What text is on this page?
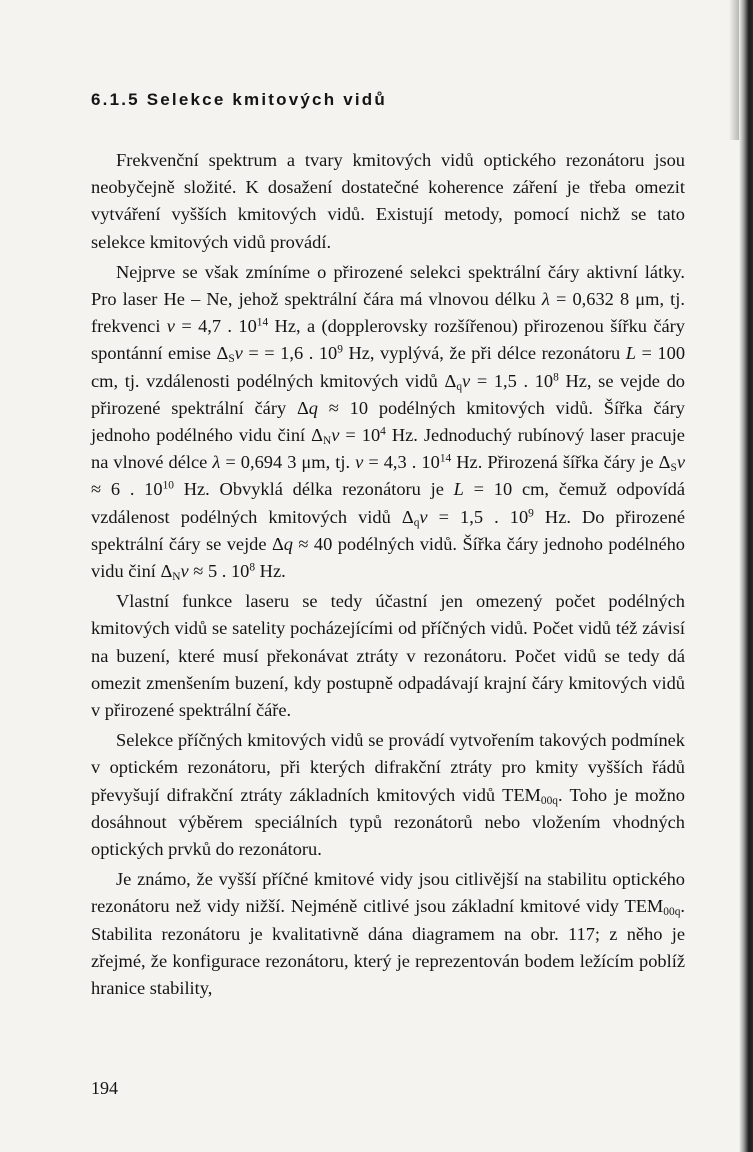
6.1.5 Selekce kmitových vidů

Frekvenční spektrum a tvary kmitových vidů optického rezonátoru jsou neobyčejně složité. K dosažení dostatečné koherence záření je třeba omezit vytváření vyšších kmitových vidů. Existují metody, pomocí nichž se tato selekce kmitových vidů provádí.

Nejprve se však zmíníme o přirozené selekci spektrální čáry aktivní látky. Pro laser He – Ne, jehož spektrální čára má vlnovou délku λ = 0,632 8 μm, tj. frekvenci ν = 4,7 . $10^{14}$ Hz, a (dopplerovsky rozšířenou) přirozenou šířku čáry spontánní emise $\Delta_S\nu$ = = 1,6 . $10^9$ Hz, vyplývá, že při délce rezonátoru L = 100 cm, tj. vzdálenosti podélných kmitových vidů $\Delta_q\nu = 1,5$ . $10^8$ Hz, se vejde do přirozené spektrální čáry Δq ≈ 10 podélných kmitových vidů. Šířka čáry jednoho podélného vidu činí $\Delta_N\nu = 10^4$ Hz. Jednoduchý rubínový laser pracuje na vlnové délce λ = 0,694 3 μm, tj. ν = 4,3 . $10^{14}$ Hz. Přirozená šířka čáry je $\Delta_S\nu \approx 6$ . $10^{10}$ Hz. Obvyklá délka rezonátoru je L = 10 cm, čemuž odpovídá vzdálenost podélných kmitových vidů $\Delta_q\nu = 1,5$ . $10^9$ Hz. Do přirozené spektrální čáry se vejde Δq ≈ 40 podélných vidů. Šířka čáry jednoho podélného vidu činí $\Delta_N\nu \approx 5$ . $10^8$ Hz.

Vlastní funkce laseru se tedy účastní jen omezený počet podélných kmitových vidů se satelity pocházejícími od příčných vidů. Počet vidů též závisí na buzení, které musí překonávat ztráty v rezonátoru. Počet vidů se tedy dá omezit zmenšením buzení, kdy postupně odpadávají krajní čáry kmitových vidů v přirozené spektrální čáře.

Selekce příčných kmitových vidů se provádí vytvořením takových podmínek v optickém rezonátoru, při kterých difrakční ztráty pro kmity vyšších řádů převyšují difrakční ztráty základních kmitových vidů $TEM_{00q}$. Toho je možno dosáhnout výběrem speciálních typů rezonátorů nebo vložením vhodných optických prvků do rezonátoru.

Je známo, že vyšší příčné kmitové vidy jsou citlivější na stabilitu optického rezonátoru než vidy nižší. Nejméně citlivé jsou základní kmitové vidy $TEM_{00q}$. Stabilita rezonátoru je kvalitativně dána diagramem na obr. 117; z něho je zřejmé, že konfigurace rezonátoru, který je reprezentován bodem ležícím poblíž hranice stability,

194
